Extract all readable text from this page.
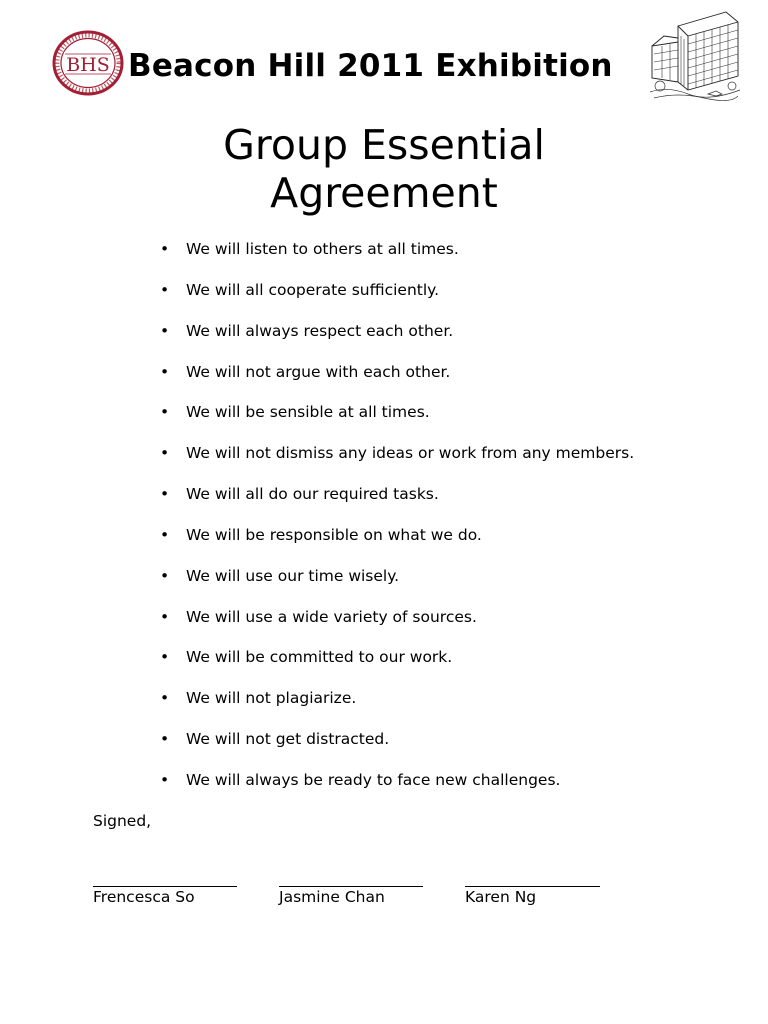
BHS Beacon Hill 2011 Exhibition
Group Essential
Agreement
• We will listen to others at all times.
• We will all cooperate sufficiently.
• We will always respect each other.
• We will not argue with each other.
• We will be sensible at all times.
• We will not dismiss any ideas or work from any members.
• We will all do our required tasks.
• We will be responsible on what we do.
• We will use our time wisely.
• We will use a wide variety of sources.
• We will be committed to our work.
• We will not plagiarize.
• We will not get distracted.
• We will always be ready to face new challenges.
Signed,
Frencesca So	Jasmine Chan	Karen Ng
